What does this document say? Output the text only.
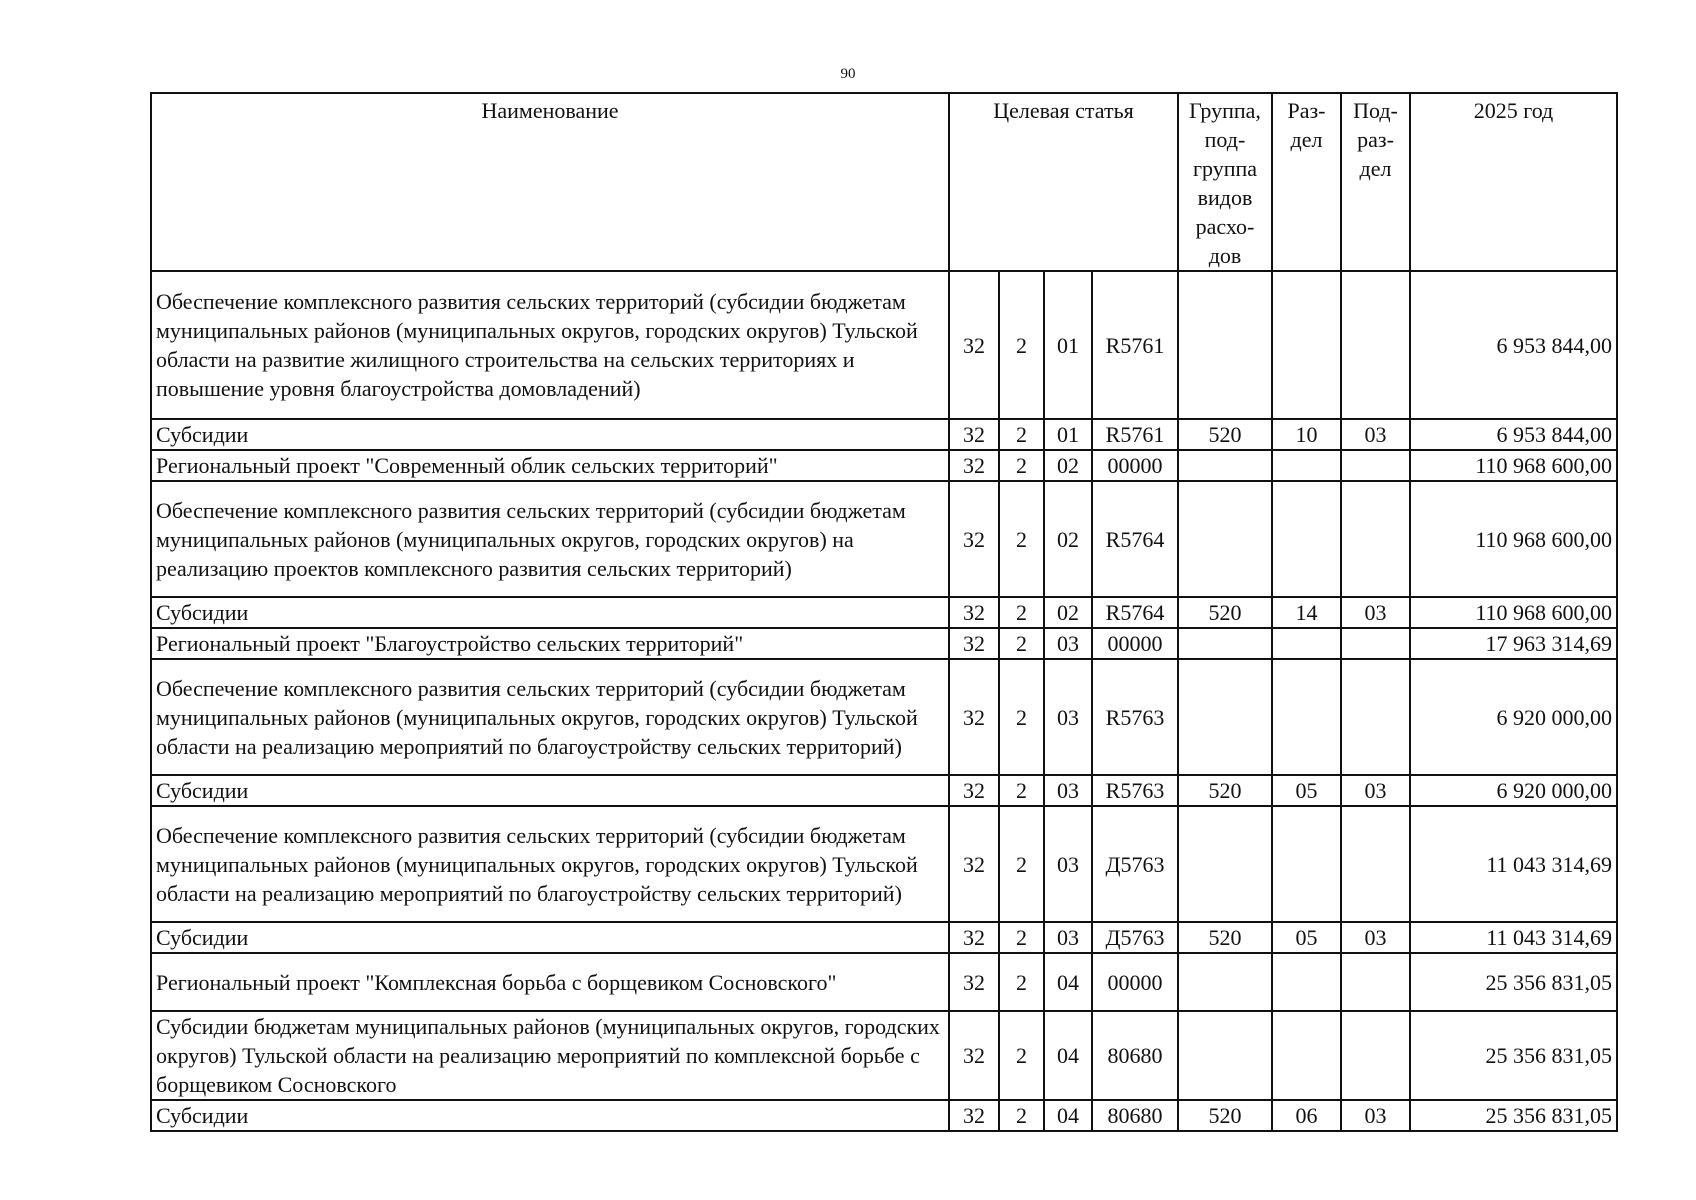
90
Наименование	Целевая статья				Группа, под-группа видов расхо-дов	Раз-дел	Под-раз-дел	2025 год
Обеспечение комплексного развития сельских территорий (субсидии бюджетам муниципальных районов (муниципальных округов, городских округов) Тульской области на развитие жилищного строительства на сельских территориях и повышение уровня благоустройства домовладений)	32	2	01	R5761				6 953 844,00
Субсидии	32	2	01	R5761	520	10	03	6 953 844,00
Региональный проект "Современный облик сельских территорий"	32	2	02	00000				110 968 600,00
Обеспечение комплексного развития сельских территорий (субсидии бюджетам муниципальных районов (муниципальных округов, городских округов) на реализацию проектов комплексного развития сельских территорий)	32	2	02	R5764				110 968 600,00
Субсидии	32	2	02	R5764	520	14	03	110 968 600,00
Региональный проект "Благоустройство сельских территорий"	32	2	03	00000				17 963 314,69
Обеспечение комплексного развития сельских территорий (субсидии бюджетам муниципальных районов (муниципальных округов, городских округов) Тульской области на реализацию мероприятий по благоустройству сельских территорий)	32	2	03	R5763				6 920 000,00
Субсидии	32	2	03	R5763	520	05	03	6 920 000,00
Обеспечение комплексного развития сельских территорий (субсидии бюджетам муниципальных районов (муниципальных округов, городских округов) Тульской области на реализацию мероприятий по благоустройству сельских территорий)	32	2	03	Д5763				11 043 314,69
Субсидии	32	2	03	Д5763	520	05	03	11 043 314,69
Региональный проект "Комплексная борьба с борщевиком Сосновского"	32	2	04	00000				25 356 831,05
Субсидии бюджетам муниципальных районов (муниципальных округов, городских округов) Тульской области на реализацию мероприятий по комплексной борьбе с борщевиком Сосновского	32	2	04	80680				25 356 831,05
Субсидии	32	2	04	80680	520	06	03	25 356 831,05
